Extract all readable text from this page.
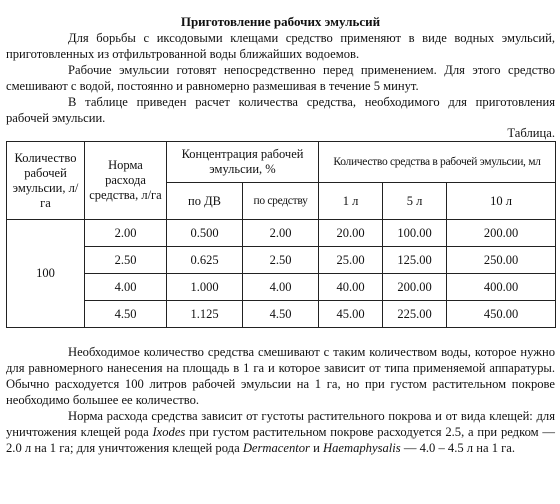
Приготовление рабочих эмульсий

Для борьбы с иксодовыми клещами средство применяют в виде водных эмульсий, приготовленных из отфильтрованной воды ближайших водоемов.

Рабочие эмульсии готовят непосредственно перед применением. Для этого средство смешивают с водой, постоянно и равномерно размешивая в течение 5 минут.

В таблице приведен расчет количества средства, необходимого для приготовления рабочей эмульсии.

Таблица.
Количество рабочей эмульсии, л/га	Норма расхода средства, л/га	Концентрация рабочей эмульсии, %		Количество средства в рабочей эмульсии, мл		
		по ДВ	по средству	1 л	5 л	10 л
100	2.00	0.500	2.00	20.00	100.00	200.00
	2.50	0.625	2.50	25.00	125.00	250.00
	4.00	1.000	4.00	40.00	200.00	400.00
	4.50	1.125	4.50	45.00	225.00	450.00

Необходимое количество средства смешивают с таким количеством воды, которое нужно для равномерного нанесения на площадь в 1 га и которое зависит от типа применяемой аппаратуры. Обычно расходуется 100 литров рабочей эмульсии на 1 га, но при густом растительном покрове необходимо большее ее количество.

Норма расхода средства зависит от густоты растительного покрова и от вида клещей: для уничтожения клещей рода Ixodes при густом растительном покрове расходуется 2.5, а при редком — 2.0 л на 1 га; для уничтожения клещей рода Dermacentor и Haemaphysalis — 4.0 – 4.5 л на 1 га.
